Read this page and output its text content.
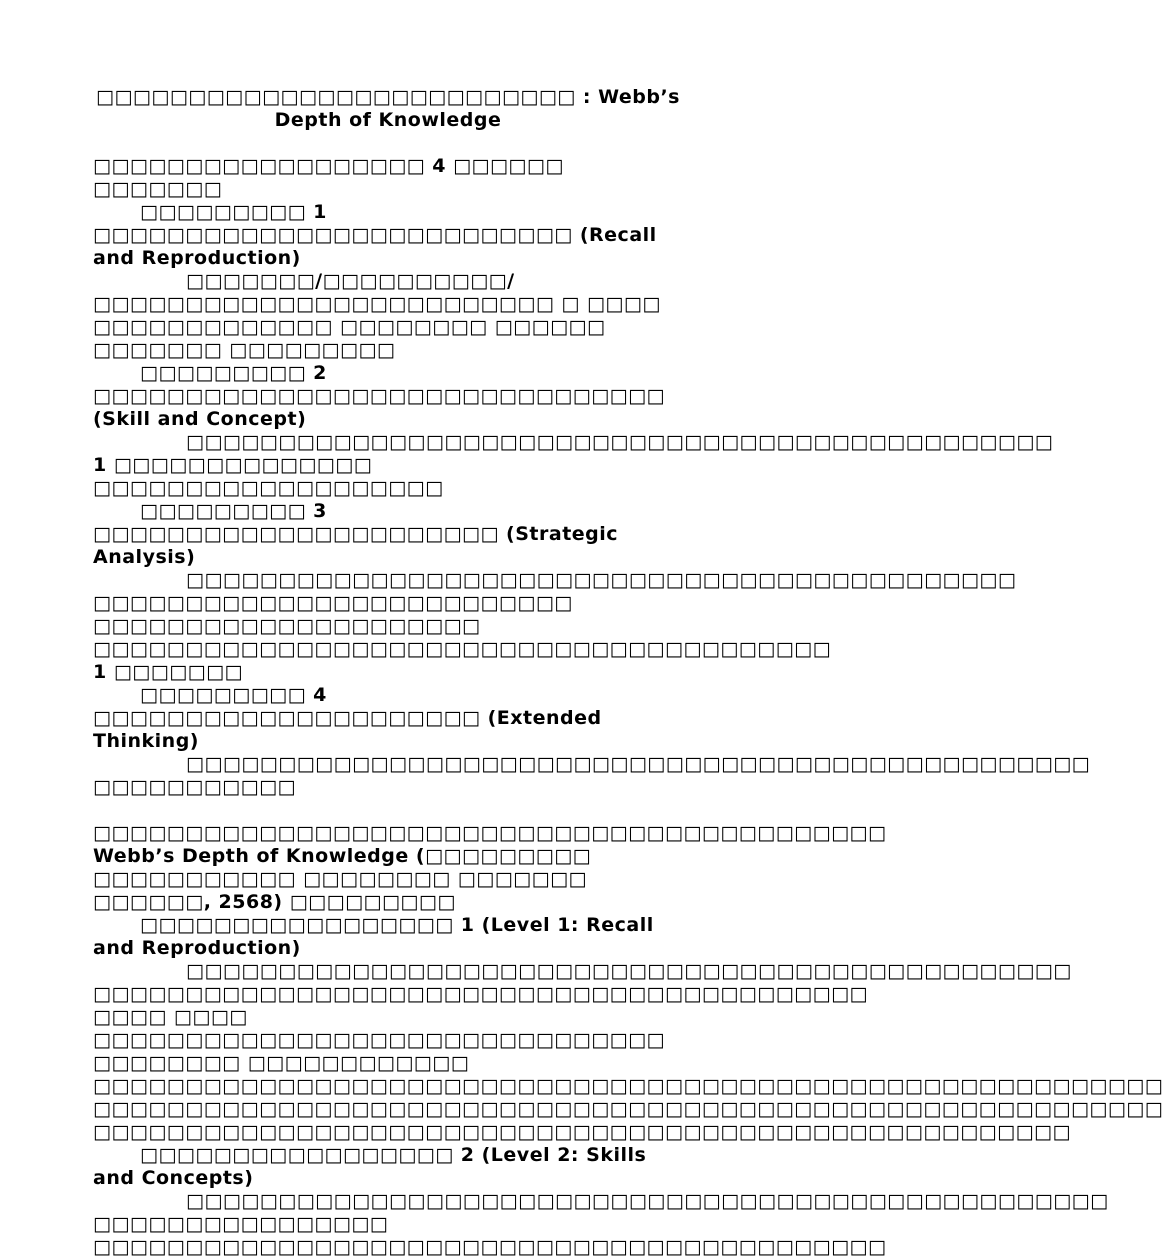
□□□□□□□□□□□□□□□□□□□□□□□□□□ : Webb’s Depth of Knowledge

□□□□□□□□□□□□□□□□□□ 4 □□□□□□ □□□□□□□

□□□□□□□□□ 1 □□□□□□□□□□□□□□□□□□□□□□□□□□ (Recall and Reproduction)

□□□□□□□/□□□□□□□□□□/□□□□□□□□□□□□□□□□□□□□□□□□□ □ □□□□ □□□□□□□□□□□□□ □□□□□□□□ □□□□□□ □□□□□□□ □□□□□□□□□

□□□□□□□□□ 2 □□□□□□□□□□□□□□□□□□□□□□□□□□□□□□□ (Skill and Concept)

□□□□□□□□□□□□□□□□□□□□□□□□□□□□□□□□□□□□□□□□□□□□□□□ 1 □□□□□□□□□□□□□□ □□□□□□□□□□□□□□□□□□□

□□□□□□□□□ 3 □□□□□□□□□□□□□□□□□□□□□□ (Strategic Analysis)

□□□□□□□□□□□□□□□□□□□□□□□□□□□□□□□□□□□□□□□□□□□□□ □□□□□□□□□□□□□□□□□□□□□□□□□□ □□□□□□□□□□□□□□□□□□□□□ □□□□□□□□□□□□□□□□□□□□□□□□□□□□□□□□□□□□□□□□ 1 □□□□□□□

□□□□□□□□□ 4 □□□□□□□□□□□□□□□□□□□□□ (Extended Thinking)

□□□□□□□□□□□□□□□□□□□□□□□□□□□□□□□□□□□□□□□□□□□□□□□□□ □□□□□□□□□□□

□□□□□□□□□□□□□□□□□□□□□□□□□□□□□□□□□□□□□□□□□□□ Webb’s Depth of Knowledge (□□□□□□□□□ □□□□□□□□□□□ □□□□□□□□ □□□□□□□ □□□□□□, 2568) □□□□□□□□□

□□□□□□□□□□□□□□□□□ 1 (Level 1: Recall and Reproduction)

□□□□□□□□□□□□□□□□□□□□□□□□□□□□□□□□□□□□□□□□□□□□□□□□ □□□□□□□□□□□□□□□□□□□□□□□□□□□□□□□□□□□□□□□□□□ □□□□ □□□□ □□□□□□□□□□□□□□□□□□□□□□□□□□□□□□□ □□□□□□□□ □□□□□□□□□□□□ □□□□□□□□□□□□□□□□□□□□□□□□□□□□□□□□□□□□□□□□□□□□□□□□□□□□□□□□□□ □□□□□□□□□□□□□□□□□□□□□□□□□□□□□□□□□□□□□□□□□□□□□□□□□□□□□□□□□□ □□□□□□□□□□□□□□□□□□□□□□□□□□□□□□□□□□□□□□□□□□□□□□□□□□□□□

□□□□□□□□□□□□□□□□□ 2 (Level 2: Skills and Concepts)

□□□□□□□□□□□□□□□□□□□□□□□□□□□□□□□□□□□□□□□□□□□□□□□□□□ □□□□□□□□□□□□□□□□ □□□□□□□□□□□□□□□□□□□□□□□□□□□□□□□□□□□□□□□□□□□
